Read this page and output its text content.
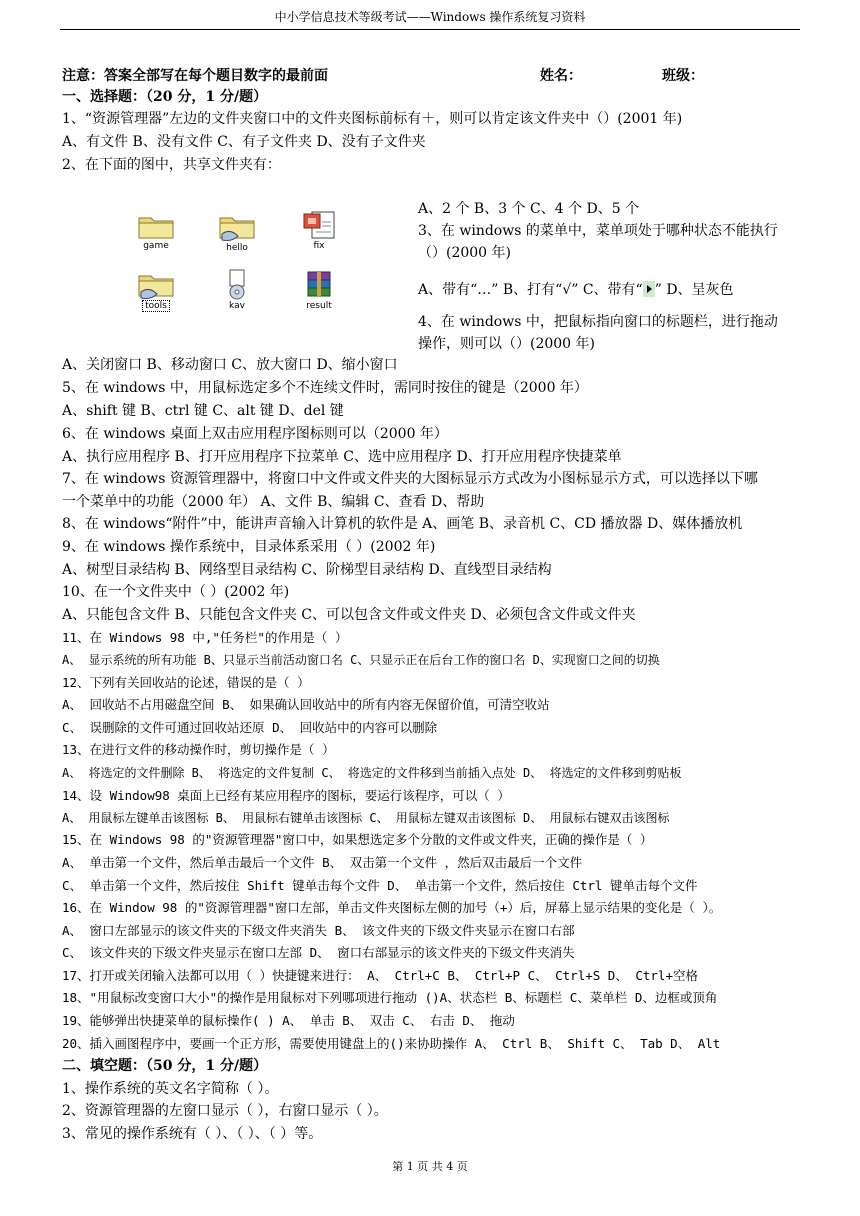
中小学信息技术等级考试——Windows 操作系统复习资料
注意：答案全部写在每个题目数字的最前面	姓名：	班级：
一、选择题：（20 分，1 分/题）
1、“资源管理器”左边的文件夹窗口中的文件夹图标前标有＋，则可以肯定该文件夹中（）(2001 年)
A、有文件 B、没有文件 C、有子文件夹 D、没有子文件夹
2、在下面的图中，共享文件夹有：
game	hello	fix
tools	kav	result
A、2 个 B、3 个 C、4 个 D、5 个
3、在 windows 的菜单中，菜单项处于哪种状态不能执行
（）(2000 年)
A、带有“…” B、打有“√” C、带有“ ” D、呈灰色
4、在 windows 中，把鼠标指向窗口的标题栏，进行拖动
操作，则可以（）(2000 年)
A、关闭窗口 B、移动窗口 C、放大窗口 D、缩小窗口
5、在 windows 中，用鼠标选定多个不连续文件时，需同时按住的键是（2000 年）
A、shift 键 B、ctrl 键 C、alt 键 D、del 键
6、在 windows 桌面上双击应用程序图标则可以（2000 年）
A、执行应用程序 B、打开应用程序下拉菜单 C、选中应用程序 D、打开应用程序快捷菜单
7、在 windows 资源管理器中，将窗口中文件或文件夹的大图标显示方式改为小图标显示方式，可以选择以下哪
一个菜单中的功能（2000 年） A、文件 B、编辑 C、查看 D、帮助
8、在 windows“附件”中，能讲声音输入计算机的软件是 A、画笔 B、录音机 C、CD 播放器 D、媒体播放机
9、在 windows 操作系统中，目录体系采用（ ）(2002 年)
A、树型目录结构 B、网络型目录结构 C、阶梯型目录结构 D、直线型目录结构
10、在一个文件夹中（ ）(2002 年)
A、只能包含文件 B、只能包含文件夹 C、可以包含文件或文件夹 D、必须包含文件或文件夹
11、在 Windows 98 中,"任务栏"的作用是（ ）
A、 显示系统的所有功能 B、只显示当前活动窗口名 C、只显示正在后台工作的窗口名 D、实现窗口之间的切换
12、下列有关回收站的论述，错误的是（ ）
A、 回收站不占用磁盘空间 B、 如果确认回收站中的所有内容无保留价值，可清空收站
C、 误删除的文件可通过回收站还原 D、 回收站中的内容可以删除
13、在进行文件的移动操作时，剪切操作是（ ）
A、 将选定的文件删除 B、 将选定的文件复制 C、 将选定的文件移到当前插入点处 D、 将选定的文件移到剪贴板
14、设 Window98 桌面上已经有某应用程序的图标，要运行该程序，可以（ ）
A、 用鼠标左键单击该图标 B、 用鼠标右键单击该图标 C、 用鼠标左键双击该图标 D、 用鼠标右键双击该图标
15、在 Windows 98 的"资源管理器"窗口中，如果想选定多个分散的文件或文件夹，正确的操作是（ ）
A、 单击第一个文件，然后单击最后一个文件 B、 双击第一个文件 ，然后双击最后一个文件
C、 单击第一个文件，然后按住 Shift 键单击每个文件 D、 单击第一个文件，然后按住 Ctrl 键单击每个文件
16、在 Window 98 的"资源管理器"窗口左部，单击文件夹图标左侧的加号（+）后，屏幕上显示结果的变化是（ ）。
A、 窗口左部显示的该文件夹的下级文件夹消失 B、 该文件夹的下级文件夹显示在窗口右部
C、 该文件夹的下级文件夹显示在窗口左部 D、 窗口右部显示的该文件夹的下级文件夹消失
17、打开或关闭输入法都可以用（ ）快捷键来进行： A、 Ctrl+C B、 Ctrl+P C、 Ctrl+S D、 Ctrl+空格
18、"用鼠标改变窗口大小"的操作是用鼠标对下列哪项进行拖动 ()A、状态栏 B、标题栏 C、菜单栏 D、边框或顶角
19、能够弹出快捷菜单的鼠标操作( ) A、 单击 B、 双击 C、 右击 D、 拖动
20、插入画图程序中，要画一个正方形，需要使用键盘上的()来协助操作 A、 Ctrl B、 Shift C、 Tab D、 Alt
二、填空题：（50 分，1 分/题）
1、操作系统的英文名字简称（ ）。
2、资源管理器的左窗口显示（ ），右窗口显示（ ）。
3、常见的操作系统有（ ）、（ ）、（ ）等。
第 1 页 共 4 页
